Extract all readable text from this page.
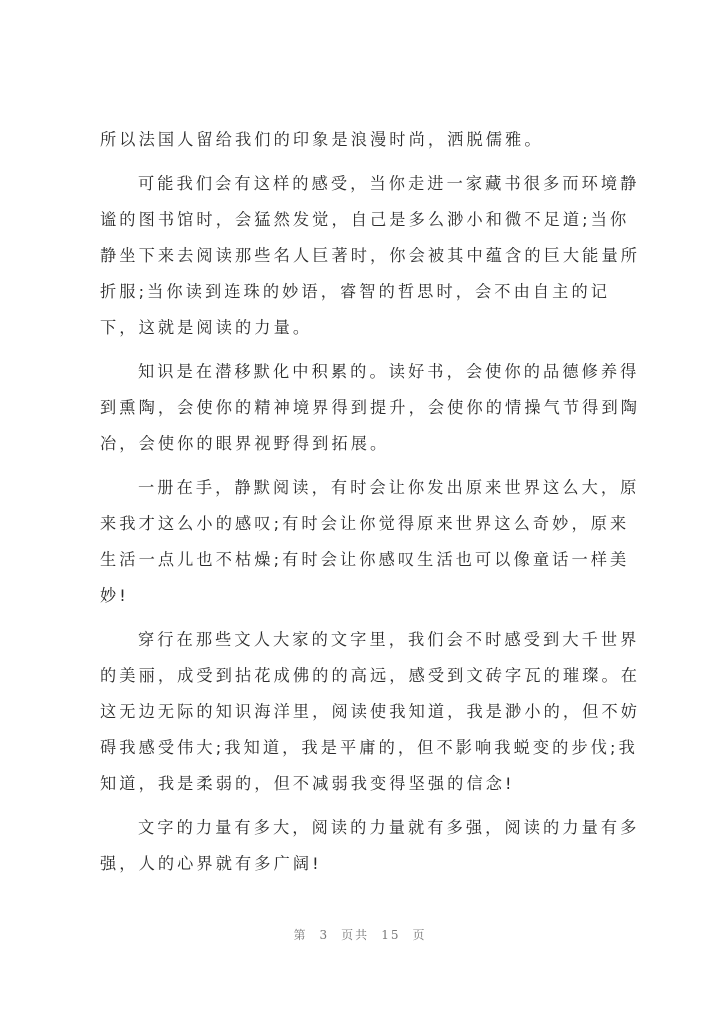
所以法国人留给我们的印象是浪漫时尚，洒脱儒雅。
可能我们会有这样的感受，当你走进一家藏书很多而环境静
谧的图书馆时，会猛然发觉，自己是多么渺小和微不足道;当你
静坐下来去阅读那些名人巨著时，你会被其中蕴含的巨大能量所
折服;当你读到连珠的妙语，睿智的哲思时，会不由自主的记
下，这就是阅读的力量。
知识是在潜移默化中积累的。读好书，会使你的品德修养得
到熏陶，会使你的精神境界得到提升，会使你的情操气节得到陶
冶，会使你的眼界视野得到拓展。
一册在手，静默阅读，有时会让你发出原来世界这么大，原
来我才这么小的感叹;有时会让你觉得原来世界这么奇妙，原来
生活一点儿也不枯燥;有时会让你感叹生活也可以像童话一样美
妙!
穿行在那些文人大家的文字里，我们会不时感受到大千世界
的美丽，成受到拈花成佛的的高远，感受到文砖字瓦的璀璨。在
这无边无际的知识海洋里，阅读使我知道，我是渺小的，但不妨
碍我感受伟大;我知道，我是平庸的，但不影响我蜕变的步伐;我
知道，我是柔弱的，但不减弱我变得坚强的信念!
文字的力量有多大，阅读的力量就有多强，阅读的力量有多
强，人的心界就有多广阔!
第 3 页共 15 页
